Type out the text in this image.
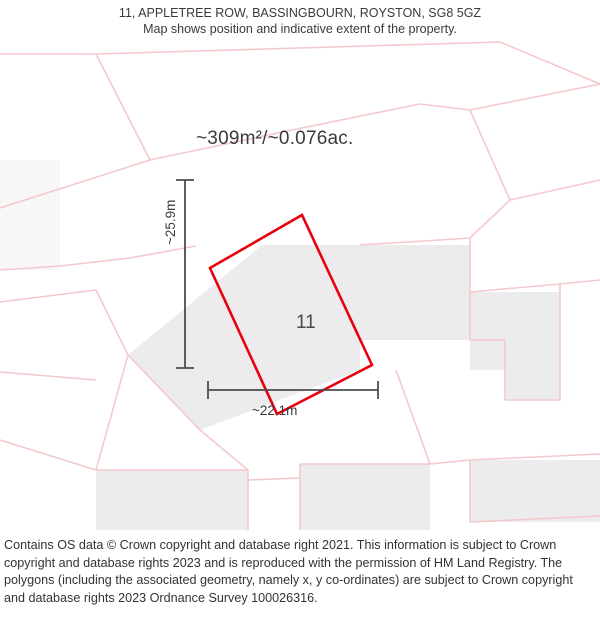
11, APPLETREE ROW, BASSINGBOURN, ROYSTON, SG8 5GZ
Map shows position and indicative extent of the property.
~309m²/~0.076ac.
11
~25.9m
~22.1m

Contains OS data © Crown copyright and database right 2021. This information is subject to Crown copyright and database rights 2023 and is reproduced with the permission of HM Land Registry. The polygons (including the associated geometry, namely x, y co-ordinates) are subject to Crown copyright and database rights 2023 Ordnance Survey 100026316.
